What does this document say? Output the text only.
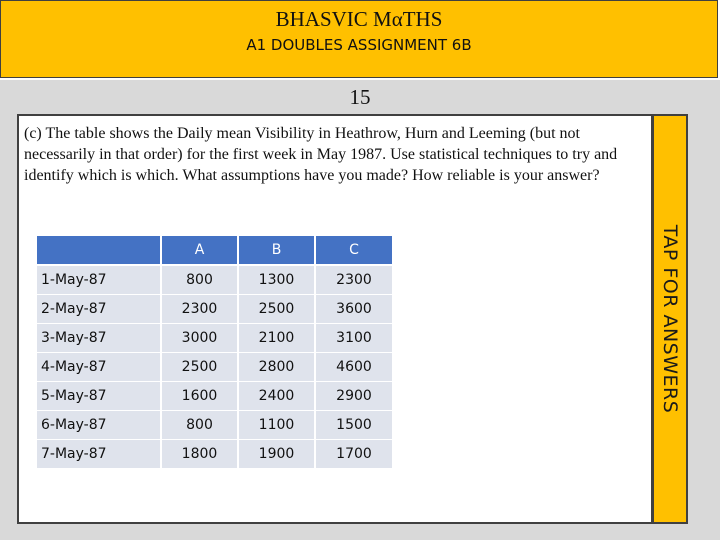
BHASVIC MαTHS
A1 DOUBLES ASSIGNMENT 6B
15
(c) The table shows the Daily mean Visibility in Heathrow, Hurn and Leeming (but not necessarily in that order) for the first week in May 1987. Use statistical techniques to try and identify which is which. What assumptions have you made? How reliable is your answer?
	A	B	C
1-May-87	800	1300	2300
2-May-87	2300	2500	3600
3-May-87	3000	2100	3100
4-May-87	2500	2800	4600
5-May-87	1600	2400	2900
6-May-87	800	1100	1500
7-May-87	1800	1900	1700
TAP FOR ANSWERS
